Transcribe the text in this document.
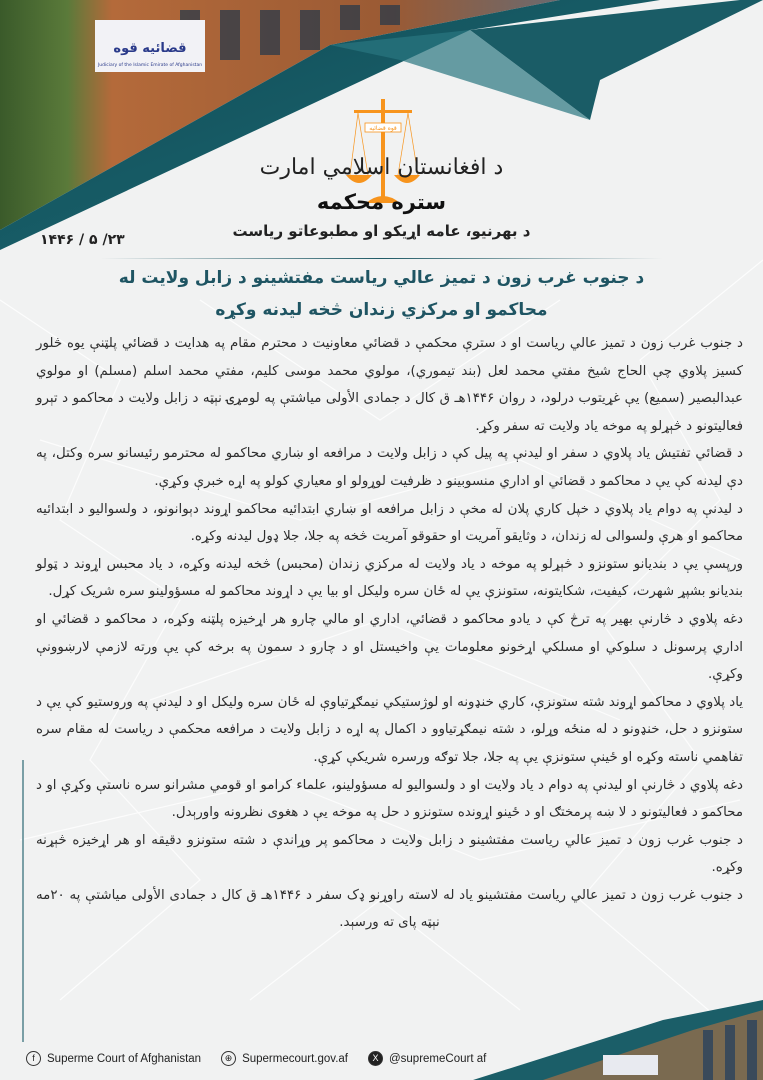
قضائیه قوه
Judiciary of the Islamic Emirate of Afghanistan
قوه قضائیه
د افغانستان اسلامي امارت
ستره محکمه
د بهرنیو، عامه اړیکو او مطبوعاتو ریاست
۱۴۴۶ / ۵ /۲۳
د جنوب غرب زون د تمیز عالي ریاست مفتشینو د زابل ولایت له
محاکمو او مرکزي زندان څخه لیدنه وکړه

د جنوب غرب زون د تمیز عالي ریاست او د سترې محکمې د قضائي معاونیت د محترم مقام په هدایت د قضائي پلټنې یوه څلور کسیز پلاوي چې الحاج شیخ مفتي محمد لعل (بند تیموري)، مولوي محمد موسی کلیم، مفتي محمد اسلم (مسلم) او مولوي عبدالبصیر (سمیع) یې غړیتوب درلود، د روان ۱۴۴۶هـ ق کال د جمادی الأولی میاشتې په لومړۍ نېټه د زابل ولایت د محاکمو د تېرو فعالیتونو د څېړلو په موخه یاد ولایت ته سفر وکړ.

د قضائي تفتیش یاد پلاوي د سفر او لیدنې په پیل کې د زابل ولایت د مرافعه او ښاري محاکمو له محترمو رئیسانو سره وکتل، په دې لیدنه کې یې د محاکمو د قضائي او اداري منسوبینو د ظرفیت لوړولو او معیاري کولو په اړه خبرې وکړې.

د لیدنې په دوام یاد پلاوي د خپل کاري پلان له مخې د زابل مرافعه او ښاري ابتدائیه محاکمو اړوند دېوانونو، د ولسوالیو د ابتدائیه محاکمو او هرې ولسوالی له زندان، د وثایقو آمریت او حقوقو آمریت څخه په جلا، جلا ډول لیدنه وکړه.

ورپسې یې د بندیانو ستونزو د څېړلو په موخه د یاد ولایت له مرکزي زندان (محبس) څخه لیدنه وکړه، د یاد محبس اړوند د ټولو بندیانو بشپړ شهرت، کیفیت، شکایتونه، ستونزې یې له ځان سره ولیکل او بیا یې د اړوند محاکمو له مسؤولینو سره شریک کړل.

دغه پلاوي د څارنې بهیر په ترڅ کې د یادو محاکمو د قضائي، اداري او مالي چارو هر اړخیزه پلټنه وکړه، د محاکمو د قضائي او اداري پرسونل د سلوکي او مسلکي اړخونو معلومات یې واخیستل او د چارو د سمون په برخه کې یې ورته لازمې لارښوونې وکړې.

یاد پلاوي د محاکمو اړوند شته ستونزې، کاري خنډونه او لوژستیکي نیمګړتیاوې له ځان سره ولیکل او د لیدنې په وروستیو کې یې د ستونزو د حل، خنډونو د له منځه وړلو، د شته نیمګړتیاوو د اکمال په اړه د زابل ولایت د مرافعه محکمې د ریاست له مقام سره تفاهمي ناسته وکړه او ځینې ستونزې یې په جلا، جلا توګه ورسره شریکې کړې.

دغه پلاوي د څارنې او لیدنې په دوام د یاد ولایت او د ولسوالیو له مسؤولینو، علماء کرامو او قومي مشرانو سره ناستې وکړې او د محاکمو د فعالیتونو د لا ښه پرمختګ او د ځینو اړونده ستونزو د حل په موخه یې د هغوی نظرونه واورېدل.

د جنوب غرب زون د تمیز عالي ریاست مفتشینو د زابل ولایت د محاکمو پر وړاندې د شته ستونزو دقیقه او هر اړخیزه څېړنه وکړه.

د جنوب غرب زون د تمیز عالي ریاست مفتشینو یاد له لاسته راوړنو ډک سفر د ۱۴۴۶هـ ق کال د جمادی الأولی میاشتې په ۲۰مه نېټه پای ته ورسېد.

f	Superme Court of Afghanistan	⊕ Supermecourt.gov.af	X @supremeCourt af
